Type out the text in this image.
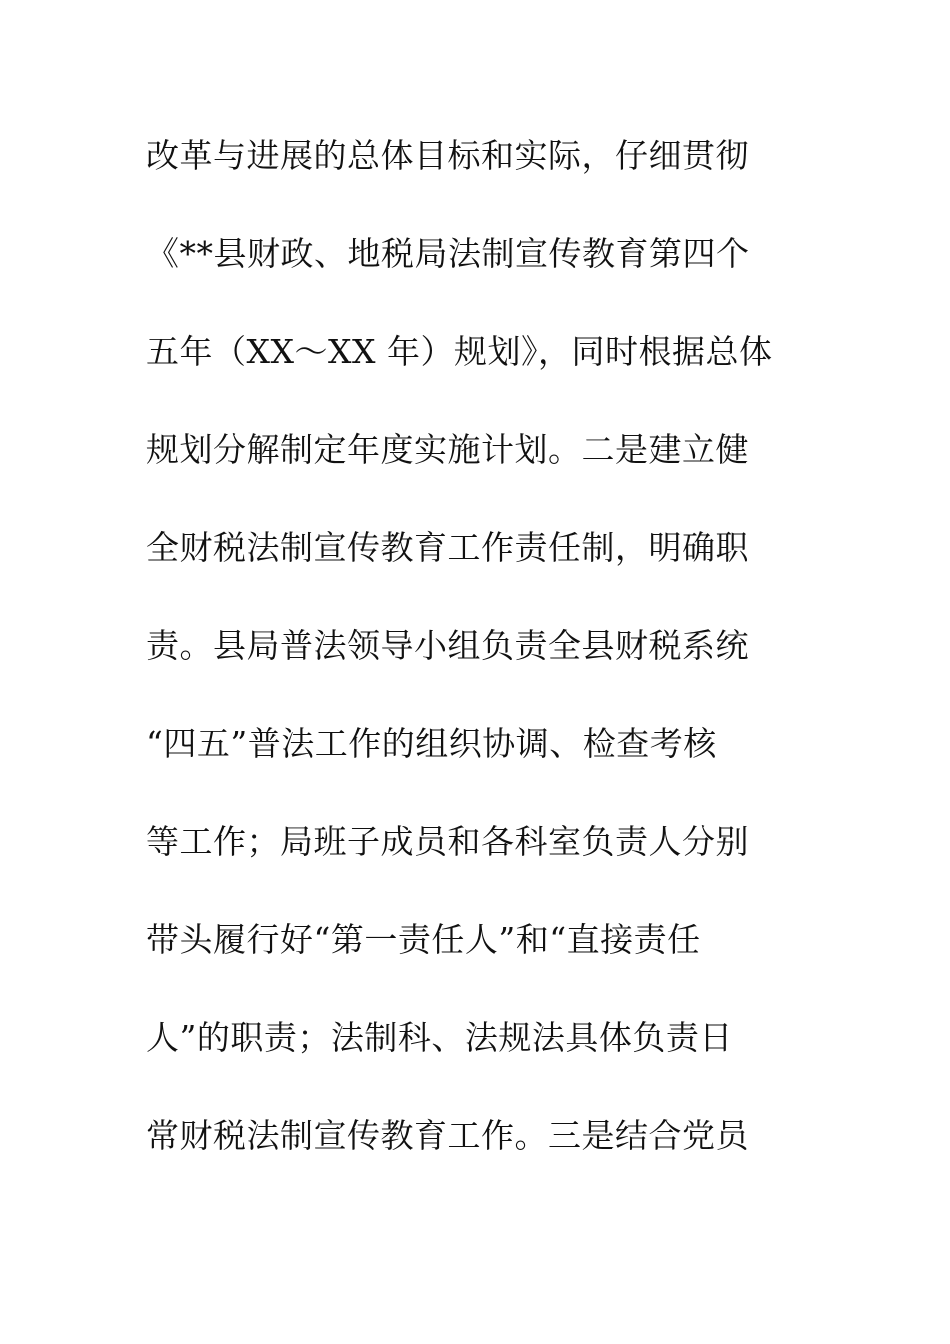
改革与进展的总体目标和实际，仔细贯彻
《**县财政、地税局法制宣传教育第四个
五年（XX～XX 年）规划》，同时根据总体
规划分解制定年度实施计划。二是建立健
全财税法制宣传教育工作责任制，明确职
责。县局普法领导小组负责全县财税系统
“四五”普法工作的组织协调、检查考核
等工作；局班子成员和各科室负责人分别
带头履行好“第一责任人”和“直接责任
人”的职责；法制科、法规法具体负责日
常财税法制宣传教育工作。三是结合党员
